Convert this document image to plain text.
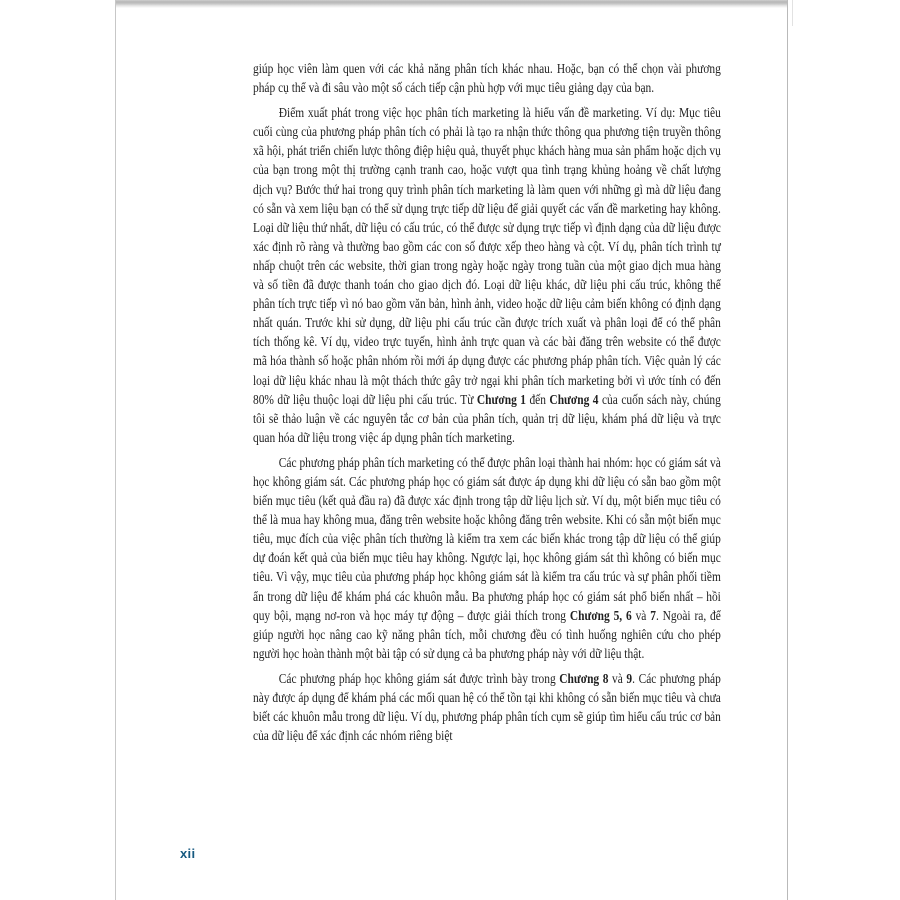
giúp học viên làm quen với các khả năng phân tích khác nhau. Hoặc, bạn có thể chọn vài phương pháp cụ thể và đi sâu vào một số cách tiếp cận phù hợp với mục tiêu giảng dạy của bạn.

Điểm xuất phát trong việc học phân tích marketing là hiểu vấn đề marketing. Ví dụ: Mục tiêu cuối cùng của phương pháp phân tích có phải là tạo ra nhận thức thông qua phương tiện truyền thông xã hội, phát triển chiến lược thông điệp hiệu quả, thuyết phục khách hàng mua sản phẩm hoặc dịch vụ của bạn trong một thị trường cạnh tranh cao, hoặc vượt qua tình trạng khủng hoảng về chất lượng dịch vụ? Bước thứ hai trong quy trình phân tích marketing là làm quen với những gì mà dữ liệu đang có sẵn và xem liệu bạn có thể sử dụng trực tiếp dữ liệu để giải quyết các vấn đề marketing hay không. Loại dữ liệu thứ nhất, dữ liệu có cấu trúc, có thể được sử dụng trực tiếp vì định dạng của dữ liệu được xác định rõ ràng và thường bao gồm các con số được xếp theo hàng và cột. Ví dụ, phân tích trình tự nhấp chuột trên các website, thời gian trong ngày hoặc ngày trong tuần của một giao dịch mua hàng và số tiền đã được thanh toán cho giao dịch đó. Loại dữ liệu khác, dữ liệu phi cấu trúc, không thể phân tích trực tiếp vì nó bao gồm văn bản, hình ảnh, video hoặc dữ liệu cảm biến không có định dạng nhất quán. Trước khi sử dụng, dữ liệu phi cấu trúc cần được trích xuất và phân loại để có thể phân tích thống kê. Ví dụ, video trực tuyến, hình ảnh trực quan và các bài đăng trên website có thể được mã hóa thành số hoặc phân nhóm rồi mới áp dụng được các phương pháp phân tích. Việc quản lý các loại dữ liệu khác nhau là một thách thức gây trở ngại khi phân tích marketing bởi vì ước tính có đến 80% dữ liệu thuộc loại dữ liệu phi cấu trúc. Từ Chương 1 đến Chương 4 của cuốn sách này, chúng tôi sẽ thảo luận về các nguyên tắc cơ bản của phân tích, quản trị dữ liệu, khám phá dữ liệu và trực quan hóa dữ liệu trong việc áp dụng phân tích marketing.

Các phương pháp phân tích marketing có thể được phân loại thành hai nhóm: học có giám sát và học không giám sát. Các phương pháp học có giám sát được áp dụng khi dữ liệu có sẵn bao gồm một biến mục tiêu (kết quả đầu ra) đã được xác định trong tập dữ liệu lịch sử. Ví dụ, một biến mục tiêu có thể là mua hay không mua, đăng trên website hoặc không đăng trên website. Khi có sẵn một biến mục tiêu, mục đích của việc phân tích thường là kiểm tra xem các biến khác trong tập dữ liệu có thể giúp dự đoán kết quả của biến mục tiêu hay không. Ngược lại, học không giám sát thì không có biến mục tiêu. Vì vậy, mục tiêu của phương pháp học không giám sát là kiểm tra cấu trúc và sự phân phối tiềm ẩn trong dữ liệu để khám phá các khuôn mẫu. Ba phương pháp học có giám sát phổ biến nhất – hồi quy bội, mạng nơ-ron và học máy tự động – được giải thích trong Chương 5, 6 và 7. Ngoài ra, để giúp người học nâng cao kỹ năng phân tích, mỗi chương đều có tình huống nghiên cứu cho phép người học hoàn thành một bài tập có sử dụng cả ba phương pháp này với dữ liệu thật.

Các phương pháp học không giám sát được trình bày trong Chương 8 và 9. Các phương pháp này được áp dụng để khám phá các mối quan hệ có thể tồn tại khi không có sẵn biến mục tiêu và chưa biết các khuôn mẫu trong dữ liệu. Ví dụ, phương pháp phân tích cụm sẽ giúp tìm hiểu cấu trúc cơ bản của dữ liệu để xác định các nhóm riêng biệt

xii
